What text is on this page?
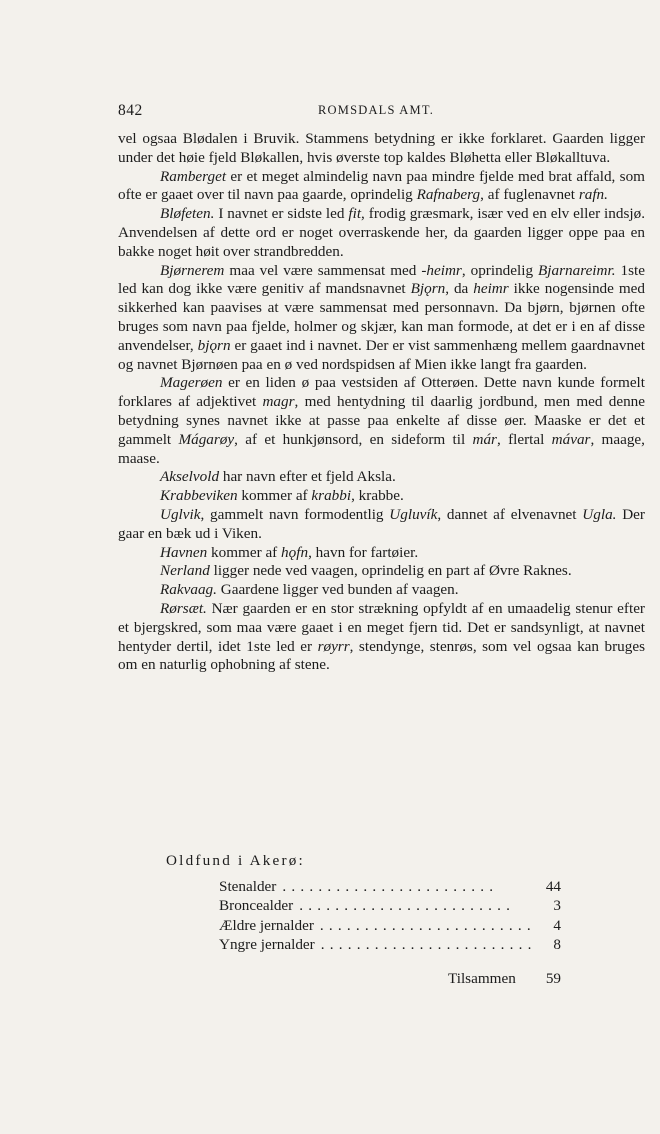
842	ROMSDALS AMT.

vel ogsaa Blødalen i Bruvik. Stammens betydning er ikke forklaret. Gaarden ligger under det høie fjeld Bløkallen, hvis øverste top kaldes Bløhetta eller Bløkalltuva.

Ramberget er et meget almindelig navn paa mindre fjelde med brat affald, som ofte er gaaet over til navn paa gaarde, oprindelig Rafnaberg, af fuglenavnet rafn.

Bløfeten. I navnet er sidste led fit, frodig græsmark, især ved en elv eller indsjø. Anvendelsen af dette ord er noget overraskende her, da gaarden ligger oppe paa en bakke noget høit over strandbredden.

Bjørnerem maa vel være sammensat med -heimr, oprindelig Bjarnareimr. 1ste led kan dog ikke være genitiv af mandsnavnet Bjǫrn, da heimr ikke nogensinde med sikkerhed kan paavises at være sammensat med personnavn. Da bjørn, bjørnen ofte bruges som navn paa fjelde, holmer og skjær, kan man formode, at det er i en af disse anvendelser, bjǫrn er gaaet ind i navnet. Der er vist sammenhæng mellem gaardnavnet og navnet Bjørnøen paa en ø ved nordspidsen af Mien ikke langt fra gaarden.

Magerøen er en liden ø paa vestsiden af Otterøen. Dette navn kunde formelt forklares af adjektivet magr, med hentydning til daarlig jordbund, men med denne betydning synes navnet ikke at passe paa enkelte af disse øer. Maaske er det et gammelt Mágarøy, af et hunkjønsord, en sideform til már, flertal mávar, maage, maase.

Akselvold har navn efter et fjeld Aksla.

Krabbeviken kommer af krabbi, krabbe.

Uglvik, gammelt navn formodentlig Ugluvík, dannet af elvenavnet Ugla. Der gaar en bæk ud i Viken.

Havnen kommer af hǫfn, havn for fartøier.

Nerland ligger nede ved vaagen, oprindelig en part af Øvre Raknes.

Rakvaag. Gaardene ligger ved bunden af vaagen.

Rørsæt. Nær gaarden er en stor strækning opfyldt af en umaadelig stenur efter et bjergskred, som maa være gaaet i en meget fjern tid. Det er sandsynligt, at navnet hentyder dertil, idet 1ste led er røyrr, stendynge, stenrøs, som vel ogsaa kan bruges om en naturlig ophobning af stene.

Oldfund i Akerø:
Stenalder ........................	44
Broncealder ........................	3
Ældre jernalder ........................	4
Yngre jernalder ........................	8
Tilsammen 59
